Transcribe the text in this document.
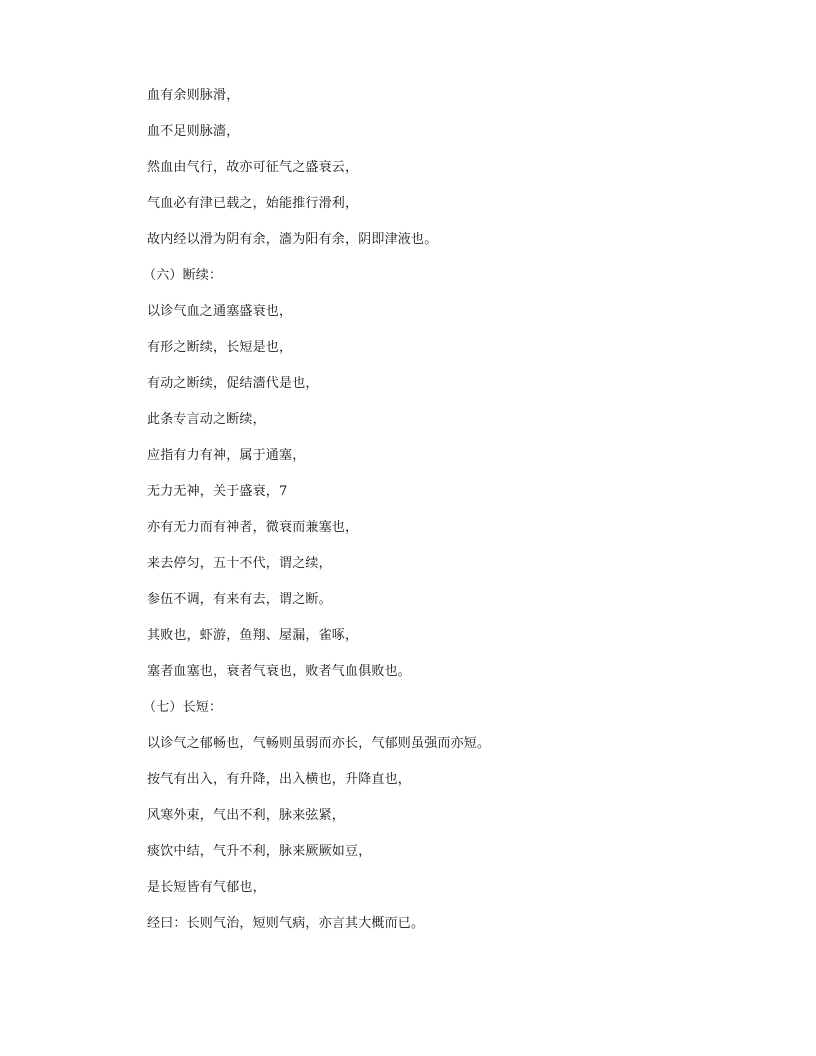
血有余则脉滑，

血不足则脉濇，

然血由气行，故亦可征气之盛衰云，

气血必有津已载之，始能推行滑利，

故内经以滑为阴有余，濇为阳有余，阴即津液也。

（六）断续：

以诊气血之通塞盛衰也，

有形之断续，长短是也，

有动之断续，促结濇代是也，

此条专言动之断续，

应指有力有神，属于通塞，

无力无神，关于盛衰，7

亦有无力而有神者，微衰而兼塞也，

来去停匀，五十不代，谓之续，

参伍不调，有来有去，谓之断。

其败也，虾游，鱼翔、屋漏，雀啄，

塞者血塞也，衰者气衰也，败者气血俱败也。

（七）长短：

以诊气之郁畅也，气畅则虽弱而亦长，气郁则虽强而亦短。

按气有出入，有升降，出入横也，升降直也，

风寒外束，气出不利，脉来弦紧，

痰饮中结，气升不利，脉来厥厥如豆，

是长短皆有气郁也，

经曰：长则气治，短则气病，亦言其大概而已。
